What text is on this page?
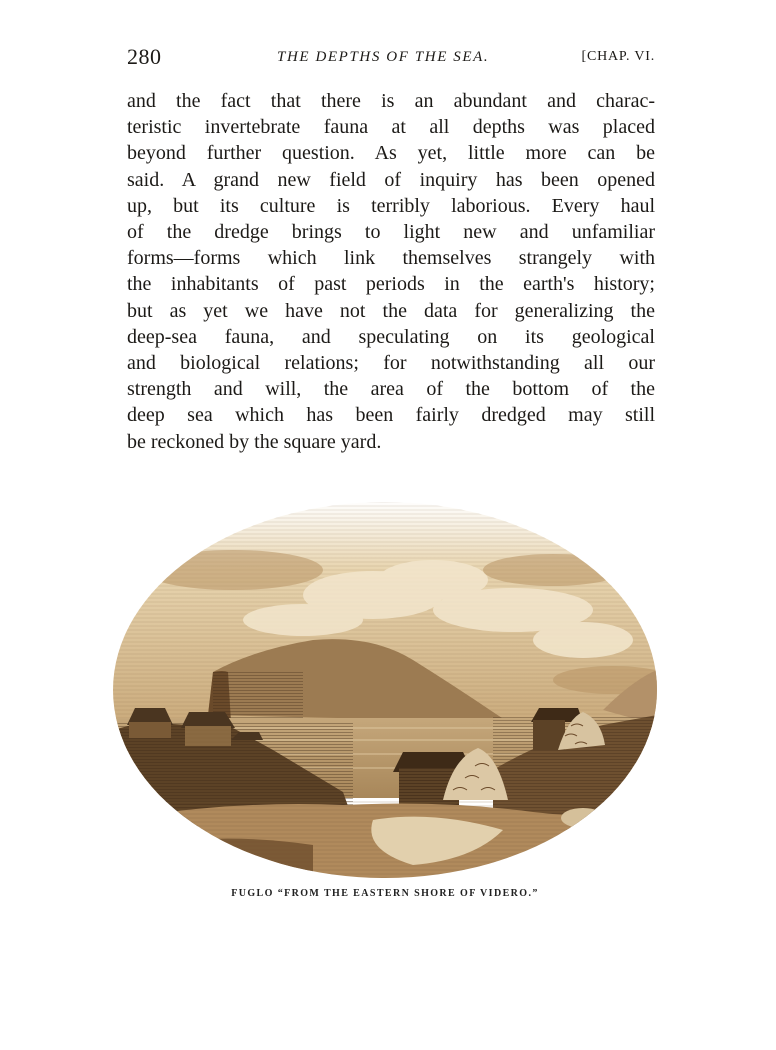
280	THE DEPTHS OF THE SEA.	[CHAP. VI.
and the fact that there is an abundant and charac-
teristic invertebrate fauna at all depths was placed
beyond further question. As yet, little more can be
said. A grand new field of inquiry has been opened
up, but its culture is terribly laborious. Every haul
of the dredge brings to light new and unfamiliar
forms—forms which link themselves strangely with
the inhabitants of past periods in the earth's history;
but as yet we have not the data for generalizing the
deep-sea fauna, and speculating on its geological
and biological relations; for notwithstanding all our
strength and will, the area of the bottom of the
deep sea which has been fairly dredged may still
be reckoned by the square yard.
FUGLO “FROM THE EASTERN SHORE OF VIDERO.”
